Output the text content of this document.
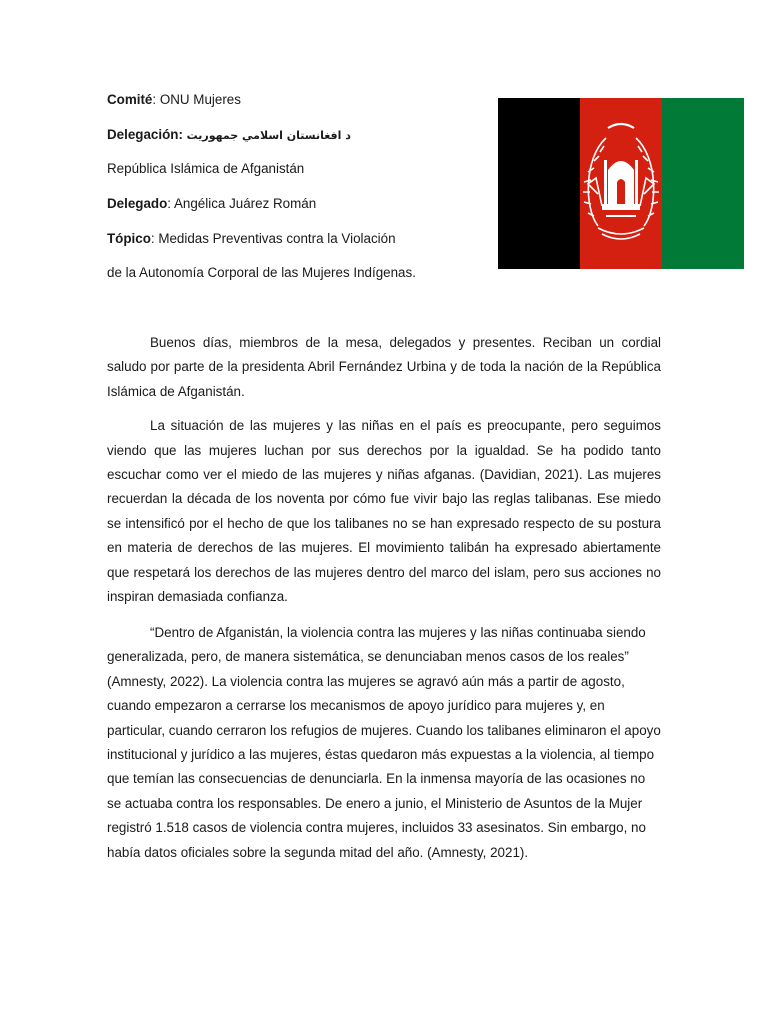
Comité: ONU Mujeres
Delegación: د افغانستان اسلامي جمهوريت
República Islámica de Afganistán
Delegado: Angélica Juárez Román
Tópico: Medidas Preventivas contra la Violación
de la Autonomía Corporal de las Mujeres Indígenas.

Buenos días, miembros de la mesa, delegados y presentes. Reciban un cordial saludo por parte de la presidenta Abril Fernández Urbina y de toda la nación de la República Islámica de Afganistán.

La situación de las mujeres y las niñas en el país es preocupante, pero seguimos viendo que las mujeres luchan por sus derechos por la igualdad. Se ha podido tanto escuchar como ver el miedo de las mujeres y niñas afganas. (Davidian, 2021). Las mujeres recuerdan la década de los noventa por cómo fue vivir bajo las reglas talibanas. Ese miedo se intensificó por el hecho de que los talibanes no se han expresado respecto de su postura en materia de derechos de las mujeres. El movimiento talibán ha expresado abiertamente que respetará los derechos de las mujeres dentro del marco del islam, pero sus acciones no inspiran demasiada confianza.

“Dentro de Afganistán, la violencia contra las mujeres y las niñas continuaba siendo generalizada, pero, de manera sistemática, se denunciaban menos casos de los reales” (Amnesty, 2022). La violencia contra las mujeres se agravó aún más a partir de agosto, cuando empezaron a cerrarse los mecanismos de apoyo jurídico para mujeres y, en particular, cuando cerraron los refugios de mujeres. Cuando los talibanes eliminaron el apoyo institucional y jurídico a las mujeres, éstas quedaron más expuestas a la violencia, al tiempo que temían las consecuencias de denunciarla. En la inmensa mayoría de las ocasiones no se actuaba contra los responsables. De enero a junio, el Ministerio de Asuntos de la Mujer registró 1.518 casos de violencia contra mujeres, incluidos 33 asesinatos. Sin embargo, no había datos oficiales sobre la segunda mitad del año. (Amnesty, 2021).
